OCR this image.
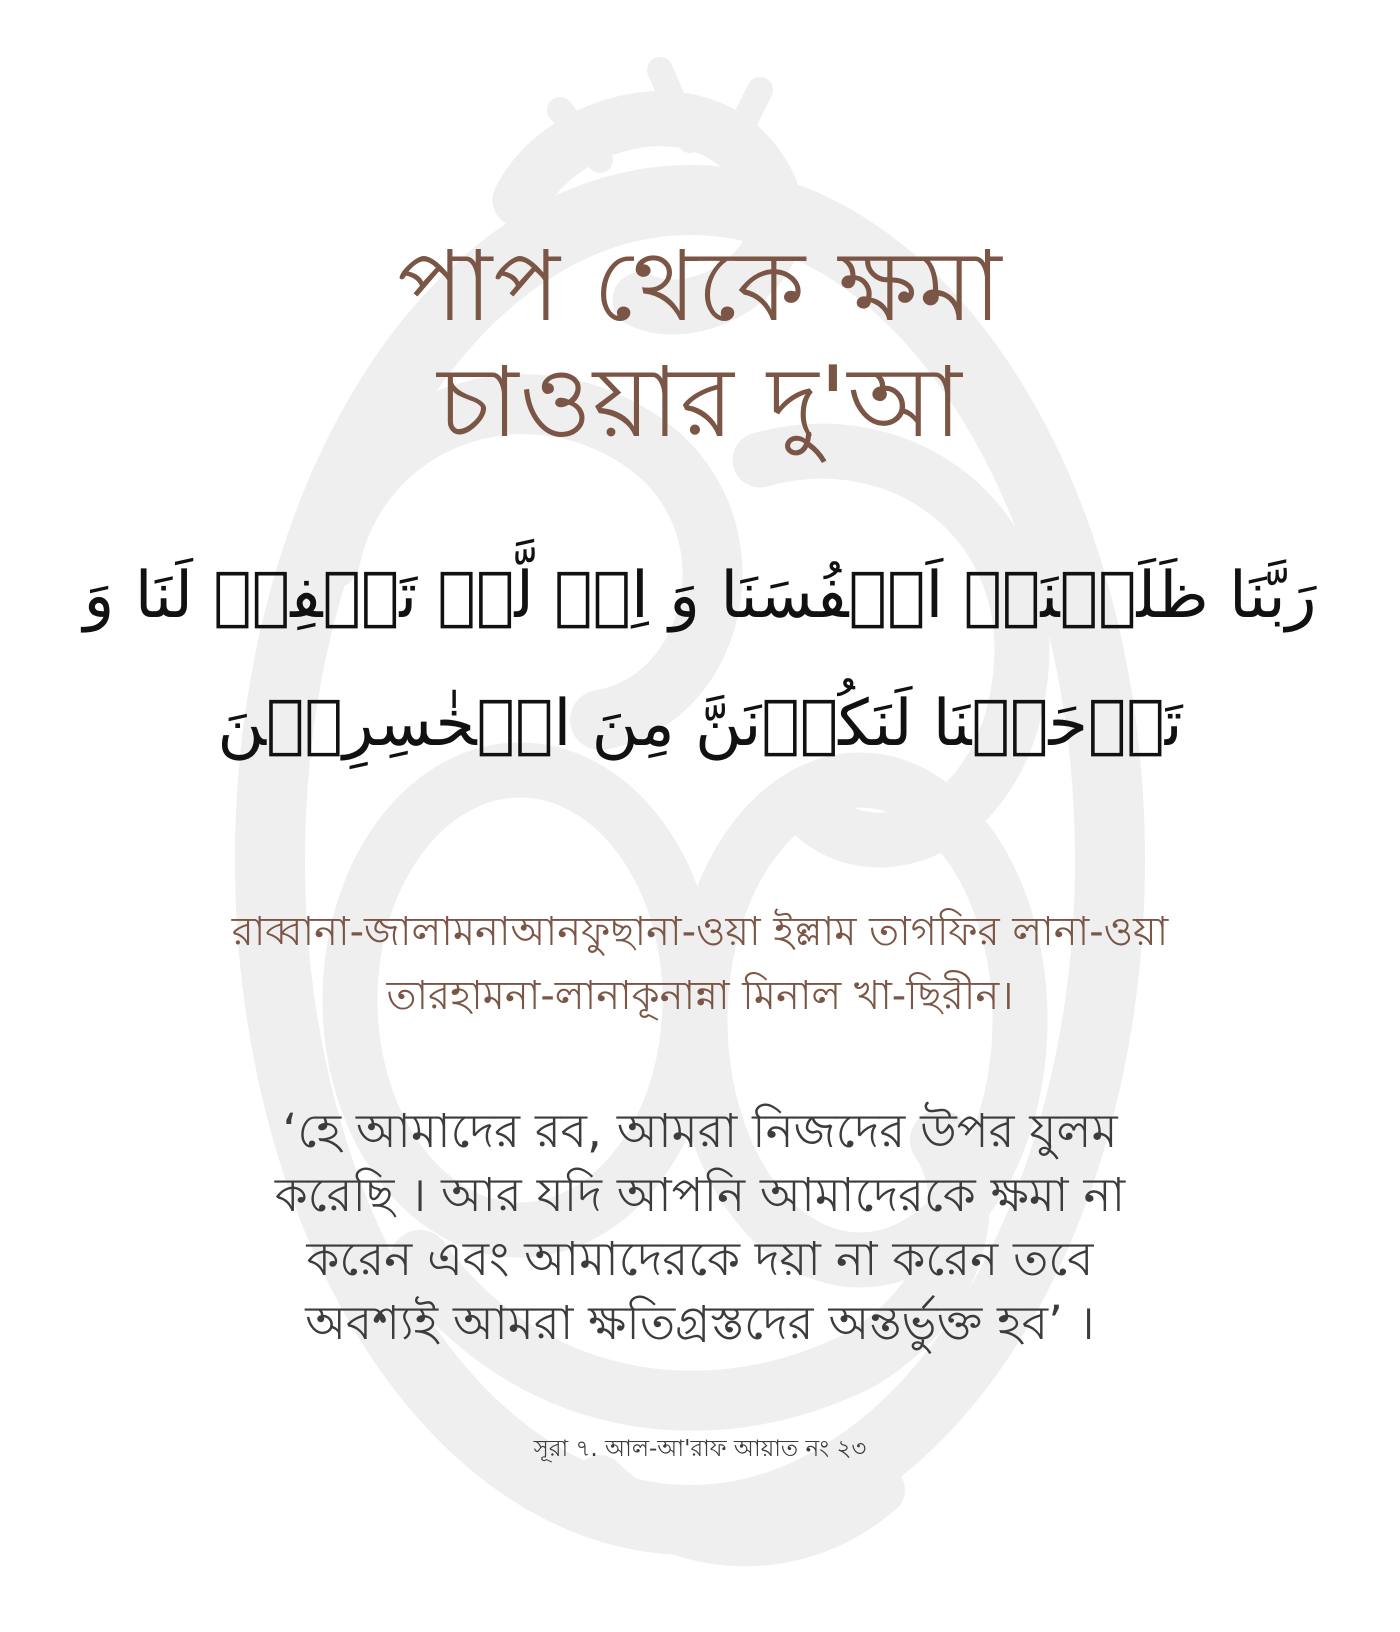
পাপ থেকে ক্ষমা
চাওয়ার দু'আ
رَبَّنَا ظَلَمۡنَاۤ اَنۡفُسَنَا وَ اِنۡ لَّمۡ تَغۡفِرۡ لَنَا وَ
تَرۡحَمۡنَا لَنَكُوۡنَنَّ مِنَ الۡخٰسِرِیۡنَ
রাব্বানা-জালামনাআনফুছানা-ওয়া ইল্লাম তাগফির লানা-ওয়া
তারহামনা-লানাকূনান্না মিনাল খা-ছিরীন।
‘হে আমাদের রব, আমরা নিজদের উপর যুলম
করেছি । আর যদি আপনি আমাদেরকে ক্ষমা না
করেন এবং আমাদেরকে দয়া না করেন তবে
অবশ্যই আমরা ক্ষতিগ্রস্তদের অন্তর্ভুক্ত হব’ ।
সূরা ৭. আল-আ'রাফ আয়াত নং ২৩
